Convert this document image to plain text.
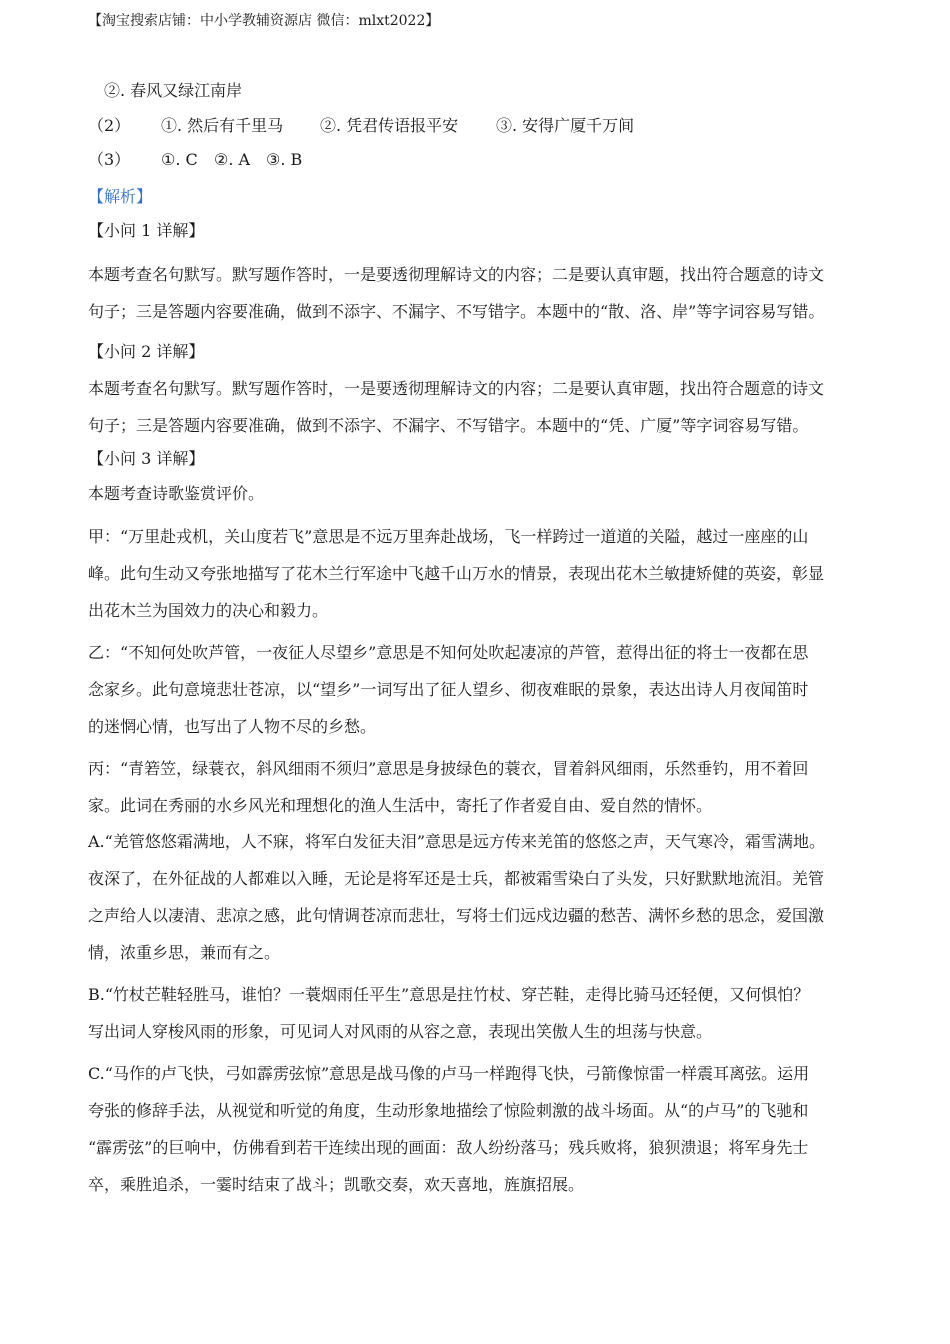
【淘宝搜索店铺：中小学教辅资源店 微信：mlxt2022】
②. 春风又绿江南岸
（2） ①. 然后有千里马 ②. 凭君传语报平安 ③. 安得广厦千万间
（3） ①. C ②. A ③. B
【解析】
【小问 1 详解】
本题考查名句默写。默写题作答时，一是要透彻理解诗文的内容；二是要认真审题，找出符合题意的诗文
句子；三是答题内容要准确，做到不添字、不漏字、不写错字。本题中的“散、洛、岸”等字词容易写错。
【小问 2 详解】
本题考查名句默写。默写题作答时，一是要透彻理解诗文的内容；二是要认真审题，找出符合题意的诗文
句子；三是答题内容要准确，做到不添字、不漏字、不写错字。本题中的“凭、广厦”等字词容易写错。
【小问 3 详解】
本题考查诗歌鉴赏评价。
甲：“万里赴戎机，关山度若飞”意思是不远万里奔赴战场，飞一样跨过一道道的关隘，越过一座座的山
峰。此句生动又夸张地描写了花木兰行军途中飞越千山万水的情景，表现出花木兰敏捷矫健的英姿，彰显
出花木兰为国效力的决心和毅力。
乙：“不知何处吹芦管，一夜征人尽望乡”意思是不知何处吹起凄凉的芦管，惹得出征的将士一夜都在思
念家乡。此句意境悲壮苍凉，以“望乡”一词写出了征人望乡、彻夜难眠的景象，表达出诗人月夜闻笛时
的迷惘心情，也写出了人物不尽的乡愁。
丙：“青箬笠，绿蓑衣，斜风细雨不须归”意思是身披绿色的蓑衣，冒着斜风细雨，乐然垂钓，用不着回
家。此词在秀丽的水乡风光和理想化的渔人生活中，寄托了作者爱自由、爱自然的情怀。
A.“羌管悠悠霜满地，人不寐，将军白发征夫泪”意思是远方传来羌笛的悠悠之声，天气寒冷，霜雪满地。
夜深了，在外征战的人都难以入睡，无论是将军还是士兵，都被霜雪染白了头发，只好默默地流泪。羌管
之声给人以凄清、悲凉之感，此句情调苍凉而悲壮，写将士们远戍边疆的愁苦、满怀乡愁的思念，爱国激
情，浓重乡思，兼而有之。
B.“竹杖芒鞋轻胜马，谁怕？一蓑烟雨任平生”意思是拄竹杖、穿芒鞋，走得比骑马还轻便，又何惧怕？
写出词人穿梭风雨的形象，可见词人对风雨的从容之意，表现出笑傲人生的坦荡与快意。
C.“马作的卢飞快，弓如霹雳弦惊”意思是战马像的卢马一样跑得飞快，弓箭像惊雷一样震耳离弦。运用
夸张的修辞手法，从视觉和听觉的角度，生动形象地描绘了惊险刺激的战斗场面。从“的卢马”的飞驰和
“霹雳弦”的巨响中，仿佛看到若干连续出现的画面：敌人纷纷落马；残兵败将，狼狈溃退；将军身先士
卒，乘胜追杀，一霎时结束了战斗；凯歌交奏，欢天喜地，旌旗招展。
